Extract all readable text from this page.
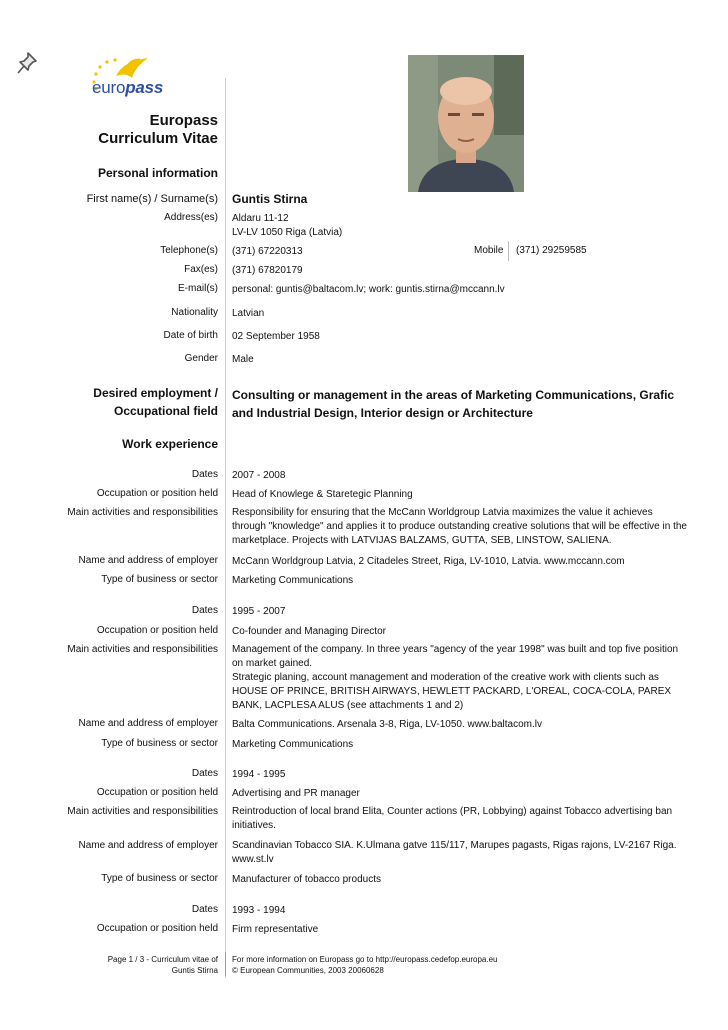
europass
Europass
Curriculum Vitae
Personal information
First name(s) / Surname(s) Guntis Stirna
Address(es) Aldaru 11-12
LV-LV 1050 Riga (Latvia)
Telephone(s) (371) 67220313	Mobile (371) 29259585
Fax(es) (371) 67820179
E-mail(s) personal: guntis@baltacom.lv; work: guntis.stirna@mccann.lv
Nationality Latvian
Date of birth 02 September 1958
Gender Male
Desired employment /
Occupational field
Consulting or management in the areas of Marketing Communications, Grafic and Industrial Design, Interior design or Architecture
Work experience
Dates 2007 - 2008
Occupation or position held Head of Knowlege & Staretegic Planning
Main activities and responsibilities Responsibility for ensuring that the McCann Worldgroup Latvia maximizes the value it achieves through "knowledge" and applies it to produce outstanding creative solutions that will be effective in the marketplace. Projects with LATVIJAS BALZAMS, GUTTA, SEB, LINSTOW, SALIENA.
Name and address of employer McCann Worldgroup Latvia, 2 Citadeles Street, Riga, LV-1010, Latvia. www.mccann.com
Type of business or sector Marketing Communications
Dates 1995 - 2007
Occupation or position held Co-founder and Managing Director
Main activities and responsibilities Management of the company. In three years "agency of the year 1998" was built and top five position on market gained.
Strategic planing, account management and moderation of the creative work with clients such as HOUSE OF PRINCE, BRITISH AIRWAYS, HEWLETT PACKARD, L'OREAL, COCA-COLA, PAREX BANK, LACPLESA ALUS (see attachments 1 and 2)
Name and address of employer Balta Communications. Arsenala 3-8, Riga, LV-1050. www.baltacom.lv
Type of business or sector Marketing Communications
Dates 1994 - 1995
Occupation or position held Advertising and PR manager
Main activities and responsibilities Reintroduction of local brand Elita, Counter actions (PR, Lobbying) against Tobacco advertising ban initiatives.
Name and address of employer Scandinavian Tobacco SIA. K.Ulmana gatve 115/117, Marupes pagasts, Rigas rajons, LV-2167 Riga. www.st.lv
Type of business or sector Manufacturer of tobacco products
Dates 1993 - 1994
Occupation or position held Firm representative
Page 1 / 3 - Curriculum vitae of
Guntis Stirna
For more information on Europass go to http://europass.cedefop.europa.eu
© European Communities, 2003 20060628
